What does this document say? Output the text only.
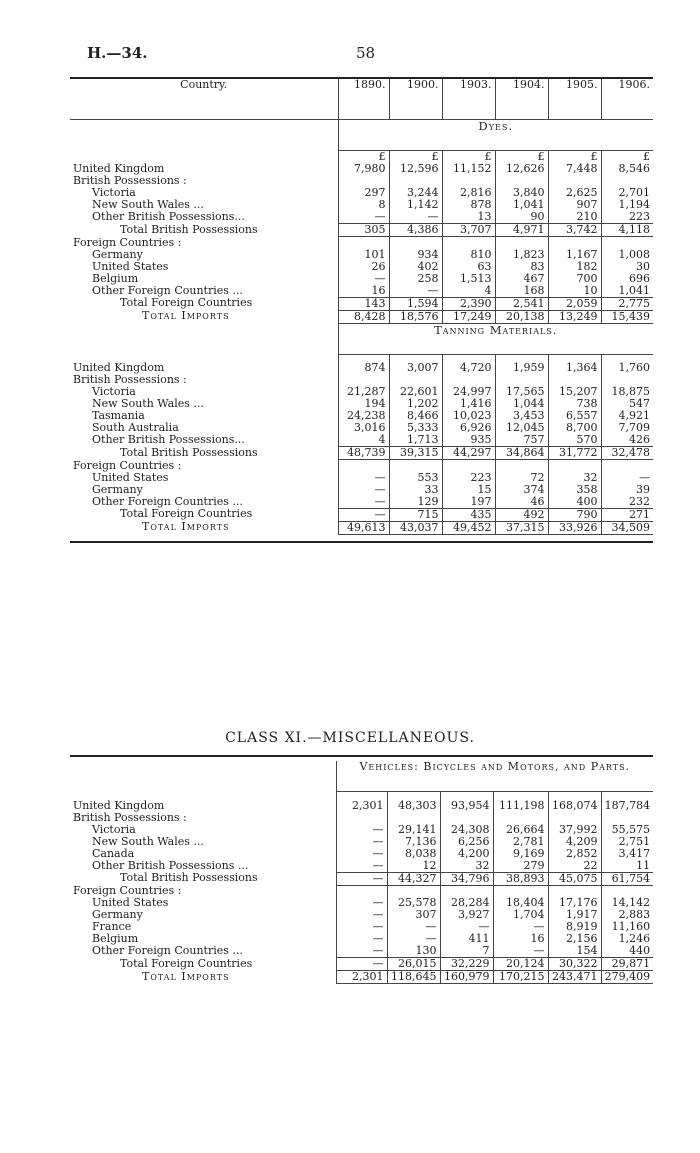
H.—34.	58
Country.	1890.	1900.	1903.	1904.	1905.	1906.
	Dyes.					
	£	£	£	£	£	£
United Kingdom	7,980	12,596	11,152	12,626	7,448	8,546
British Possessions :						
Victoria	297	3,244	2,816	3,840	2,625	2,701
New South Wales ...	8	1,142	878	1,041	907	1,194
Other British Possessions...	—	—	13	90	210	223
Total British Possessions	305	4,386	3,707	4,971	3,742	4,118
Foreign Countries :						
Germany	101	934	810	1,823	1,167	1,008
United States	26	402	63	83	182	30
Belgium	—	258	1,513	467	700	696
Other Foreign Countries ...	16	—	4	168	10	1,041
Total Foreign Countries	143	1,594	2,390	2,541	2,059	2,775
Total Imports	8,428	18,576	17,249	20,138	13,249	15,439
	Tanning Materials.					

United Kingdom	874	3,007	4,720	1,959	1,364	1,760
British Possessions :						
Victoria	21,287	22,601	24,997	17,565	15,207	18,875
New South Wales ...	194	1,202	1,416	1,044	738	547
Tasmania	24,238	8,466	10,023	3,453	6,557	4,921
South Australia	3,016	5,333	6,926	12,045	8,700	7,709
Other British Possessions...	4	1,713	935	757	570	426
Total British Possessions	48,739	39,315	44,297	34,864	31,772	32,478
Foreign Countries :						
United States	—	553	223	72	32	—
Germany	—	33	15	374	358	39
Other Foreign Countries ...	—	129	197	46	400	232
Total Foreign Countries	—	715	435	492	790	271
Total Imports	49,613	43,037	49,452	37,315	33,926	34,509

CLASS XI.—MISCELLANEOUS.

	Vehicles: Bicycles and Motors, and Parts.					

United Kingdom	2,301	48,303	93,954	111,198	168,074	187,784
British Possessions :						
Victoria	—	29,141	24,308	26,664	37,992	55,575
New South Wales ...	—	7,136	6,256	2,781	4,209	2,751
Canada	—	8,038	4,200	9,169	2,852	3,417
Other British Possessions ...	—	12	32	279	22	11
Total British Possessions	—	44,327	34,796	38,893	45,075	61,754
Foreign Countries :						
United States	—	25,578	28,284	18,404	17,176	14,142
Germany	—	307	3,927	1,704	1,917	2,883
France	—	—	—	—	8,919	11,160
Belgium	—	—	411	16	2,156	1,246
Other Foreign Countries ...	—	130	7	—	154	440
Total Foreign Countries	—	26,015	32,229	20,124	30,322	29,871
Total Imports	2,301	118,645	160,979	170,215	243,471	279,409
